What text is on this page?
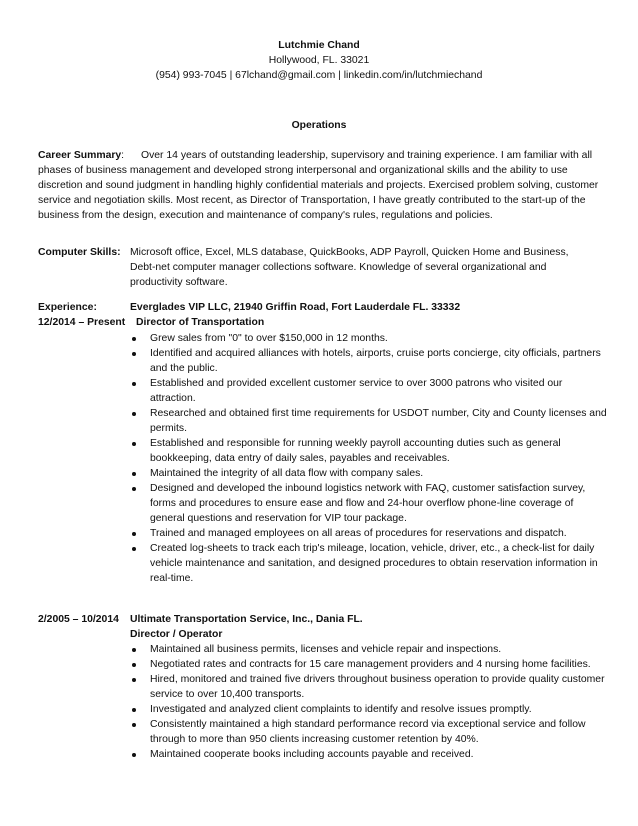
Lutchmie Chand
Hollywood, FL. 33021
(954) 993-7045 | 67lchand@gmail.com | linkedin.com/in/lutchmiechand
Operations
Career Summary:	Over 14 years of outstanding leadership, supervisory and training experience. I am familiar with all phases of business management and developed strong interpersonal and organizational skills and the ability to use discretion and sound judgment in handling highly confidential materials and projects. Exercised problem solving, customer service and negotiation skills. Most recent, as Director of Transportation, I have greatly contributed to the start-up of the business from the design, execution and maintenance of company's rules, regulations and policies.
Computer Skills: Microsoft office, Excel, MLS database, QuickBooks, ADP Payroll, Quicken Home and Business, Debt-net computer manager collections software. Knowledge of several organizational and productivity software.
Experience:	Everglades VIP LLC, 21940 Griffin Road, Fort Lauderdale FL. 33332
12/2014 – Present Director of Transportation
Grew sales from "0" to over $150,000 in 12 months.
Identified and acquired alliances with hotels, airports, cruise ports concierge, city officials, partners and the public.
Established and provided excellent customer service to over 3000 patrons who visited our attraction.
Researched and obtained first time requirements for USDOT number, City and County licenses and permits.
Established and responsible for running weekly payroll accounting duties such as general bookkeeping, data entry of daily sales, payables and receivables.
Maintained the integrity of all data flow with company sales.
Designed and developed the inbound logistics network with FAQ, customer satisfaction survey, forms and procedures to ensure ease and flow and 24-hour overflow phone-line coverage of general questions and reservation for VIP tour package.
Trained and managed employees on all areas of procedures for reservations and dispatch.
Created log-sheets to track each trip's mileage, location, vehicle, driver, etc., a check-list for daily vehicle maintenance and sanitation, and designed procedures to obtain reservation information in real-time.
2/2005 – 10/2014 Ultimate Transportation Service, Inc., Dania FL.
Director / Operator
Maintained all business permits, licenses and vehicle repair and inspections.
Negotiated rates and contracts for 15 care management providers and 4 nursing home facilities.
Hired, monitored and trained five drivers throughout business operation to provide quality customer service to over 10,400 transports.
Investigated and analyzed client complaints to identify and resolve issues promptly.
Consistently maintained a high standard performance record via exceptional service and follow through to more than 950 clients increasing customer retention by 40%.
Maintained cooperate books including accounts payable and received.
